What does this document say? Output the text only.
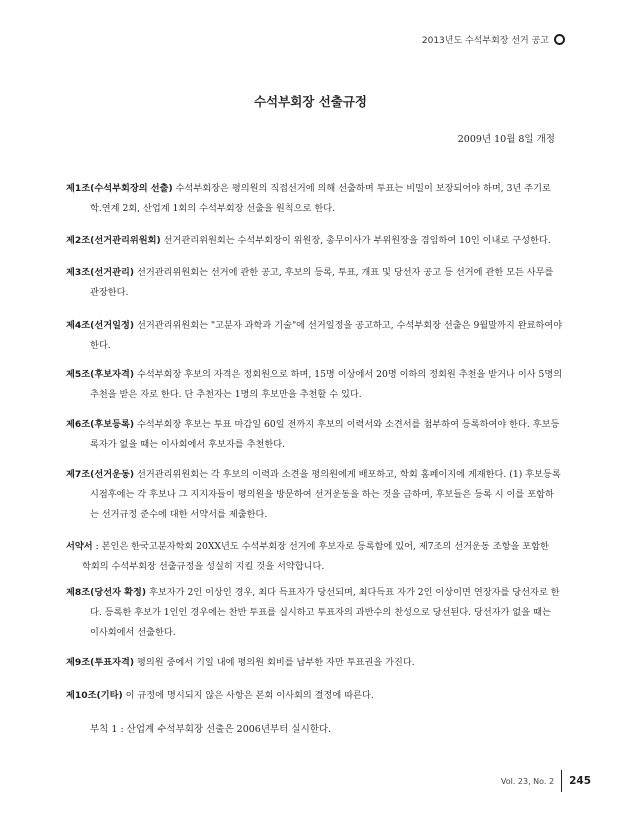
2013년도 수석부회장 선거 공고
수석부회장 선출규정
2009년 10월 8일 개정
제1조(수석부회장의 선출) 수석부회장은 평의원의 직접선거에 의해 선출하며 투표는 비밀이 보장되어야 하며, 3년 주기로
학.연계 2회, 산업계 1회의 수석부회장 선출을 원칙으로 한다.
제2조(선거관리위원회) 선거관리위원회는 수석부회장이 위원장, 총무이사가 부위원장을 겸임하여 10인 이내로 구성한다.
제3조(선거관리) 선거관리위원회는 선거에 관한 공고, 후보의 등록, 투표, 개표 및 당선자 공고 등 선거에 관한 모든 사무를
관장한다.
제4조(선거일정) 선거관리위원회는 "고분자 과학과 기술"에 선거일정을 공고하고, 수석부회장 선출은 9월말까지 완료하여야
한다.
제5조(후보자격) 수석부회장 후보의 자격은 정회원으로 하며, 15명 이상에서 20명 이하의 정회원 추천을 받거나 이사 5명의
추천을 받은 자로 한다. 단 추천자는 1명의 후보만을 추천할 수 있다.
제6조(후보등록) 수석부회장 후보는 투표 마감일 60일 전까지 후보의 이력서와 소견서를 첨부하여 등록하여야 한다. 후보등
록자가 없을 때는 이사회에서 후보자를 추천한다.
제7조(선거운동) 선거관리위원회는 각 후보의 이력과 소견을 평의원에게 배포하고, 학회 홈페이지에 게재한다. (1) 후보등록
시점후에는 각 후보나 그 지지자들이 평의원을 방문하여 선거운동을 하는 것을 금하며, 후보들은 등록 시 이를 포함하
는 선거규정 준수에 대한 서약서를 제출한다.
서약서 : 본인은 한국고분자학회 20XX년도 수석부회장 선거에 후보자로 등록함에 있어, 제7조의 선거운동 조항을 포함한
학회의 수석부회장 선출규정을 성실히 지킬 것을 서약합니다.
제8조(당선자 확정) 후보자가 2인 이상인 경우, 최다 득표자가 당선되며, 최다득표 자가 2인 이상이면 연장자를 당선자로 한
다. 등록한 후보가 1인인 경우에는 찬반 투표를 실시하고 투표자의 과반수의 찬성으로 당선된다. 당선자가 없을 때는
이사회에서 선출한다.
제9조(투표자격) 평의원 중에서 기일 내에 평의원 회비를 납부한 자만 투표권을 가진다.
제10조(기타) 이 규정에 명시되지 않은 사항은 본회 이사회의 결정에 따른다.
부칙 1 : 산업계 수석부회장 선출은 2006년부터 실시한다.
Vol. 23, No. 2 245
